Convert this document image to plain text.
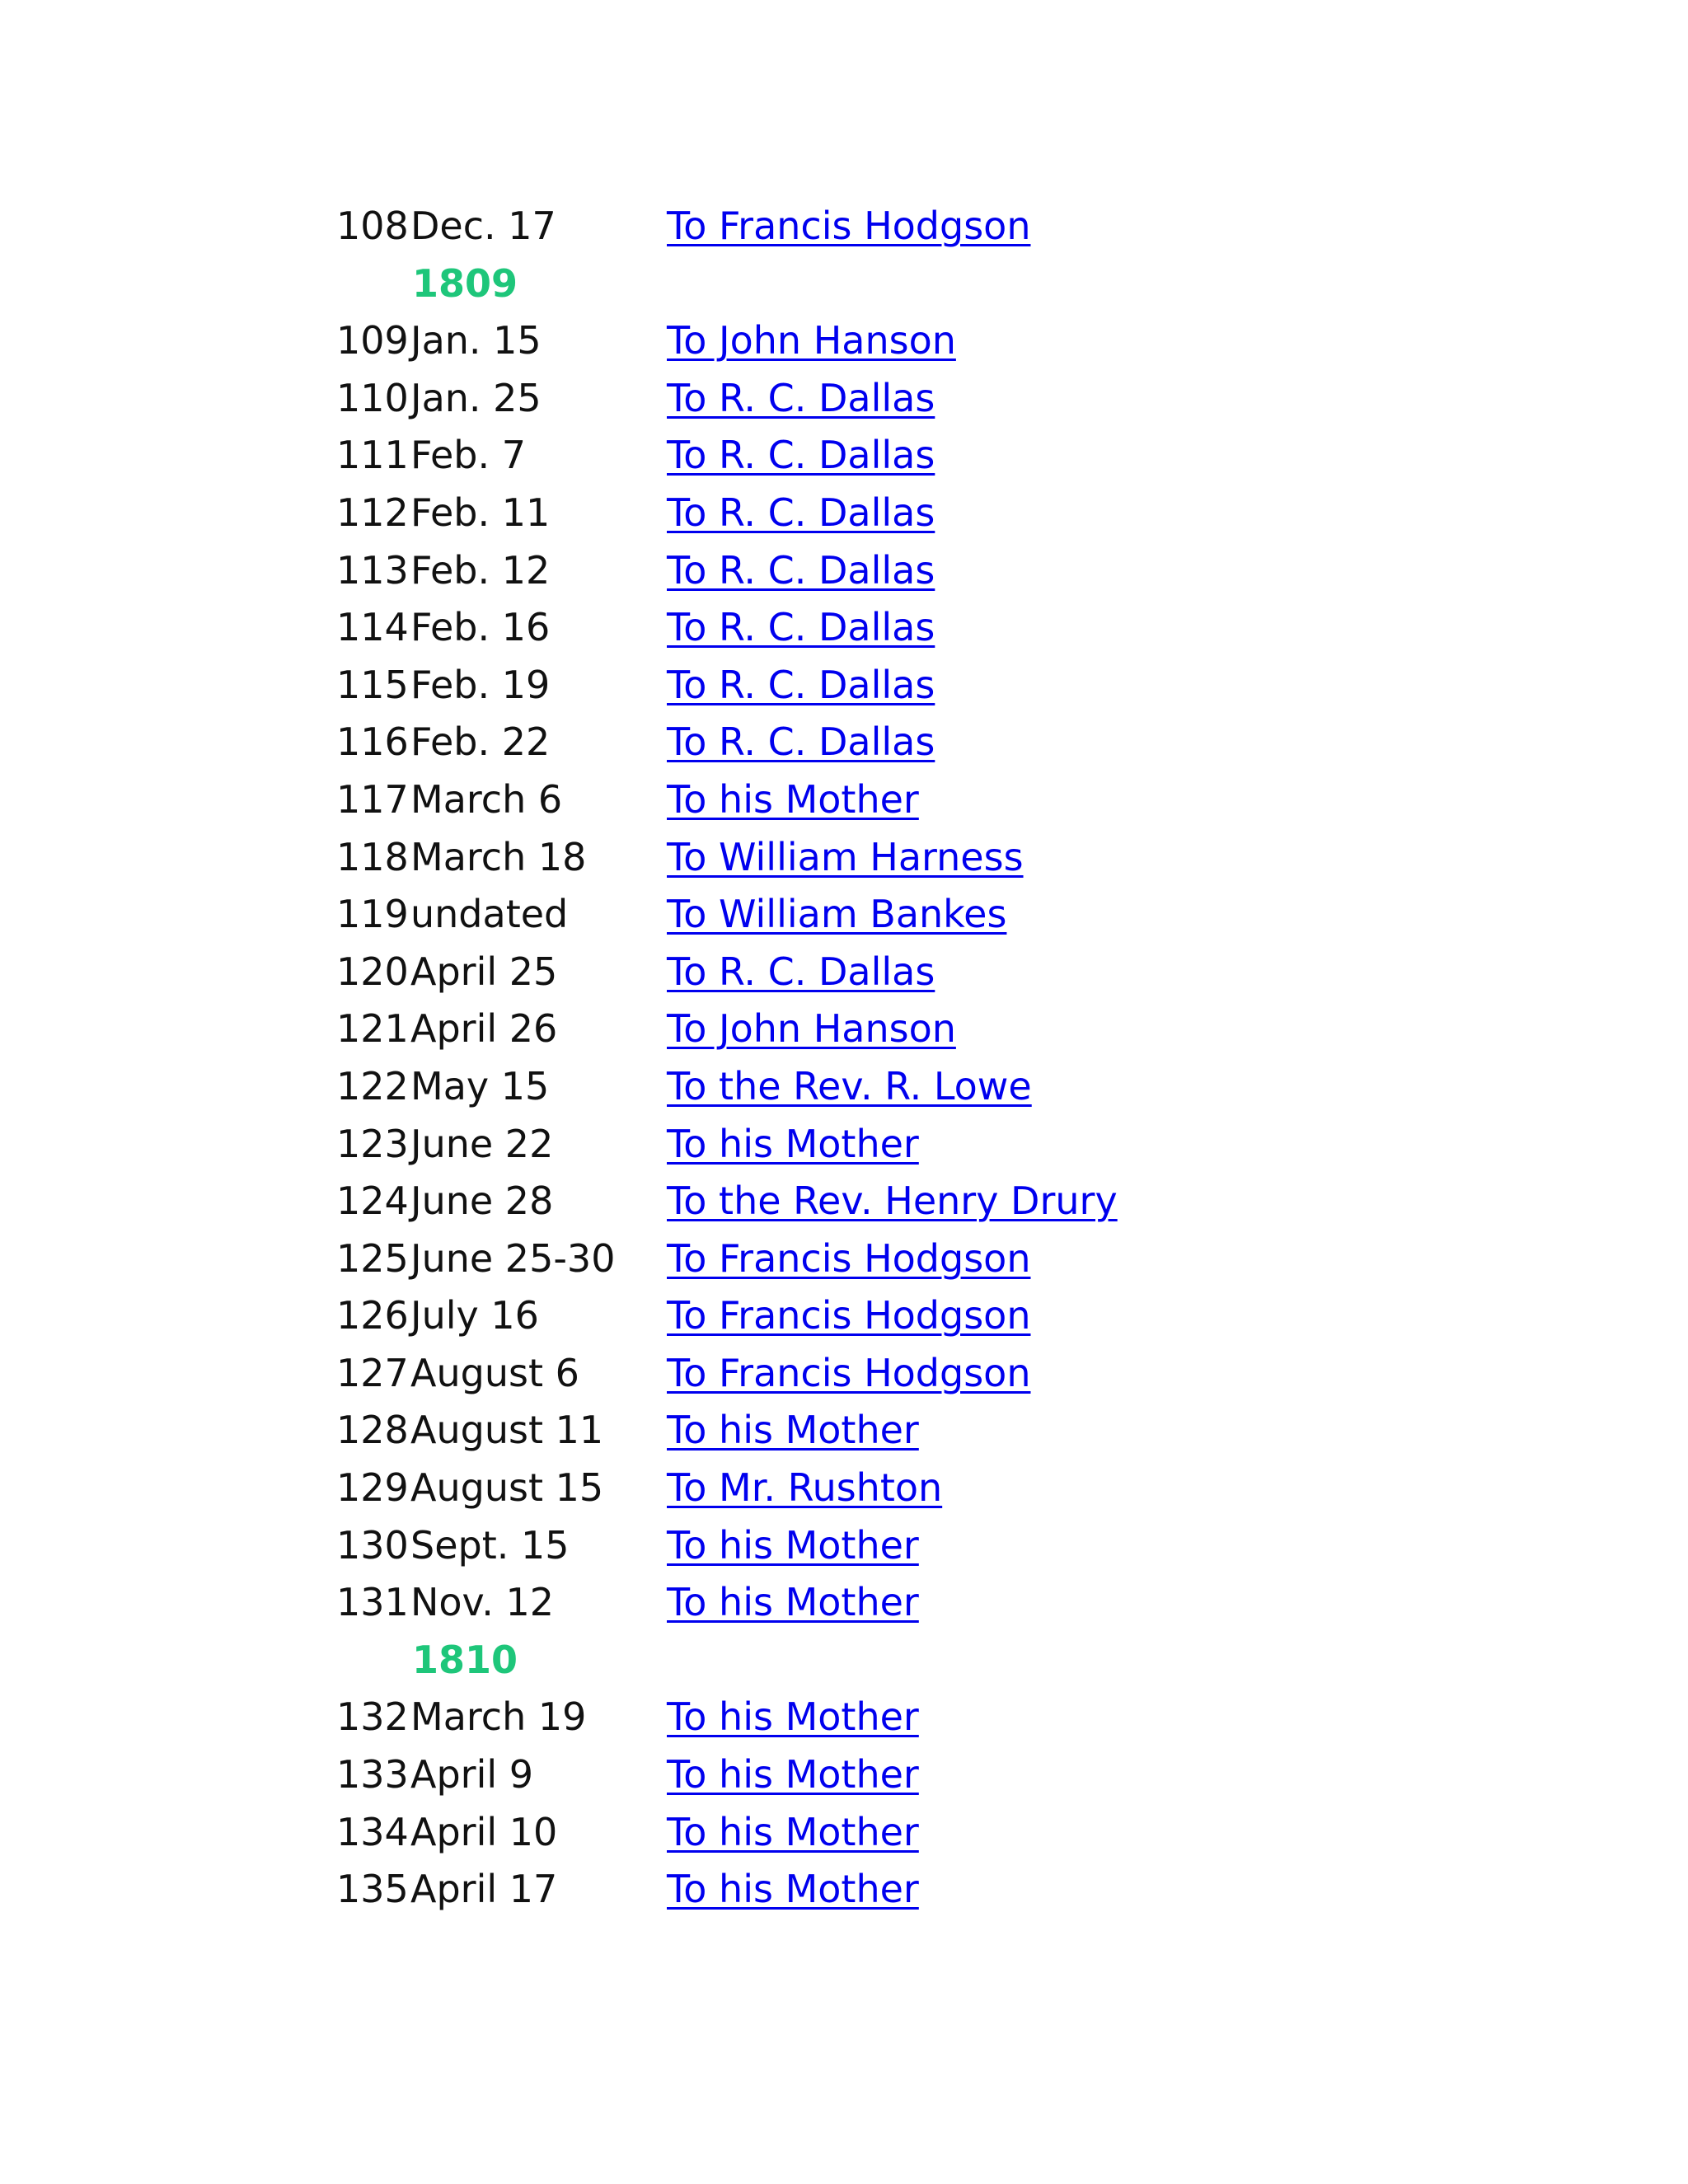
108 Dec. 17	To Francis Hodgson
1809
109 Jan. 15	To John Hanson
110 Jan. 25	To R. C. Dallas
111 Feb. 7	To R. C. Dallas
112 Feb. 11	To R. C. Dallas
113 Feb. 12	To R. C. Dallas
114 Feb. 16	To R. C. Dallas
115 Feb. 19	To R. C. Dallas
116 Feb. 22	To R. C. Dallas
117 March 6	To his Mother
118 March 18 To William Harness
119 undated	To William Bankes
120 April 25	To R. C. Dallas
121 April 26	To John Hanson
122 May 15	To the Rev. R. Lowe
123 June 22	To his Mother
124 June 28	To the Rev. Henry Drury
125 June 25-30 To Francis Hodgson
126 July 16	To Francis Hodgson
127 August 6 To Francis Hodgson
128 August 11 To his Mother
129 August 15 To Mr. Rushton
130 Sept. 15	To his Mother
131 Nov. 12	To his Mother
1810
132 March 19 To his Mother
133 April 9	To his Mother
134 April 10	To his Mother
135 April 17	To his Mother
